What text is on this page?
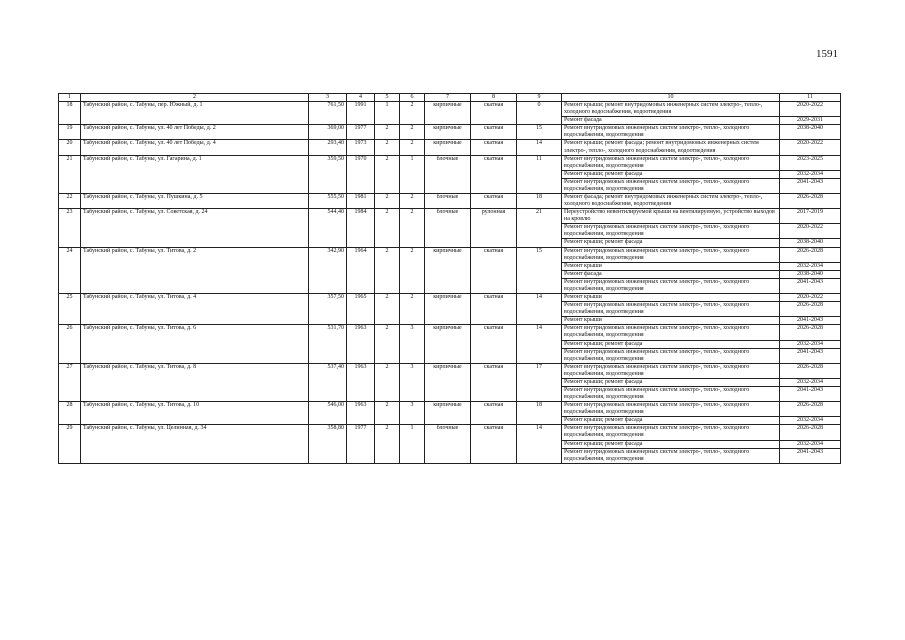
1591
1	2	3	4	5	6	7	8	9	10	11
18	Табунский район, с. Табуны, пер. Южный, д. 1	761,50	1991	1	2	кирпичные	скатная	0	Ремонт крыши; ремонт внутридомовых инженерных систем электро-, тепло-, холодного водоснабжения, водоотведения	2020-2022
									Ремонт фасада	2029-2031
19	Табунский район, с. Табуны, ул. 40 лет Победы, д. 2	369,00	1977	2	2	кирпичные	скатная	15	Ремонт внутридомовых инженерных систем электро-, тепло-, холодного водоснабжения, водоотведения	2038-2040
20	Табунский район, с. Табуны, ул. 40 лет Победы, д. 4	293,40	1973	2	2	кирпичные	скатная	14	Ремонт крыши; ремонт фасада; ремонт внутридомовых инженерных систем электро-, тепло-, холодного водоснабжения, водоотведения	2020-2022
21	Табунский район, с. Табуны, ул. Гагарина, д. 1	359,50	1970	2	1	блочные	скатная	11	Ремонт внутридомовых инженерных систем электро-, тепло-, холодного водоснабжения, водоотведения	2023-2025
									Ремонт крыши; ремонт фасада	2032-2034
									Ремонт внутридомовых инженерных систем электро-, тепло-, холодного водоснабжения, водоотведения	2041-2043
22	Табунский район, с. Табуны, ул. Пушкина, д. 5	555,50	1981	2	2	блочные	скатная	18	Ремонт фасада; ремонт внутридомовых инженерных систем электро-, тепло-, холодного водоснабжения, водоотведения	2026-2028
23	Табунский район, с. Табуны, ул. Советская, д. 24	544,40	1984	2	2	блочные	рулонная	21	Переустройство невентилируемой крыши на вентилируемую, устройство выходов на кровлю	2017-2019
									Ремонт внутридомовых инженерных систем электро-, тепло-, холодного водоснабжения, водоотведения	2020-2022
									Ремонт крыши; ремонт фасада	2038-2040
24	Табунский район, с. Табуны, ул. Титова, д. 2	342,90	1964	2	2	кирпичные	скатная	15	Ремонт внутридомовых инженерных систем электро-, тепло-, холодного водоснабжения, водоотведения	2026-2028
									Ремонт крыши	2032-2034
									Ремонт фасада	2038-2040
									Ремонт внутридомовых инженерных систем электро-, тепло-, холодного водоснабжения, водоотведения	2041-2043
25	Табунский район, с. Табуны, ул. Титова, д. 4	357,50	1965	2	2	кирпичные	скатная	14	Ремонт крыши	2020-2022
									Ремонт внутридомовых инженерных систем электро-, тепло-, холодного водоснабжения, водоотведения	2026-2028
									Ремонт крыши	2041-2043
26	Табунский район, с. Табуны, ул. Титова, д. 6	531,70	1963	2	3	кирпичные	скатная	14	Ремонт внутридомовых инженерных систем электро-, тепло-, холодного водоснабжения, водоотведения	2026-2028
									Ремонт крыши; ремонт фасада	2032-2034
									Ремонт внутридомовых инженерных систем электро-, тепло-, холодного водоснабжения, водоотведения	2041-2043
27	Табунский район, с. Табуны, ул. Титова, д. 8	537,40	1963	2	3	кирпичные	скатная	17	Ремонт внутридомовых инженерных систем электро-, тепло-, холодного водоснабжения, водоотведения	2026-2028
									Ремонт крыши; ремонт фасада	2032-2034
									Ремонт внутридомовых инженерных систем электро-, тепло-, холодного водоснабжения, водоотведения	2041-2043
28	Табунский район, с. Табуны, ул. Титова, д. 10	546,00	1963	2	3	кирпичные	скатная	18	Ремонт внутридомовых инженерных систем электро-, тепло-, холодного водоснабжения, водоотведения	2026-2028
									Ремонт крыши; ремонт фасада	2032-2034
29	Табунский район, с. Табуны, ул. Целинная, д. 34	358,80	1977	2	1	блочные	скатная	14	Ремонт внутридомовых инженерных систем электро-, тепло-, холодного водоснабжения, водоотведения	2026-2028
									Ремонт крыши; ремонт фасада	2032-2034
									Ремонт внутридомовых инженерных систем электро-, тепло-, холодного водоснабжения, водоотведения	2041-2043
